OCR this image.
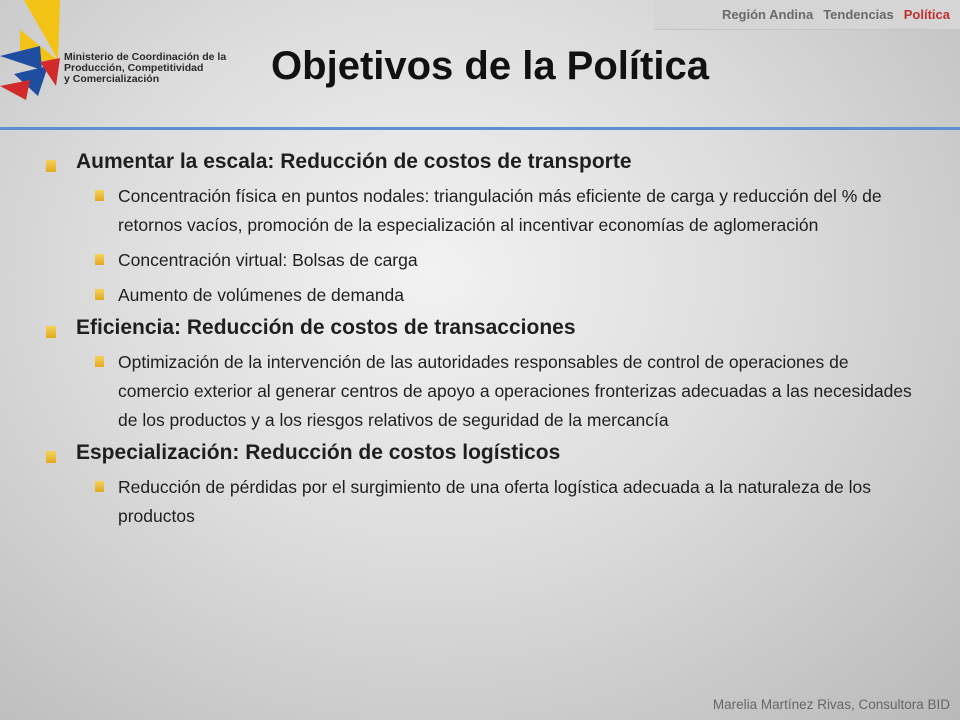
Región Andina Tendencias Política
Ministerio de Coordinación de la
Producción, Competitividad
y Comercialización	Objetivos de la Política
Aumentar la escala: Reducción de costos de transporte
Concentración física en puntos nodales: triangulación más eficiente de carga y reducción del % de retornos vacíos, promoción de la especialización al incentivar economías de aglomeración
Concentración virtual: Bolsas de carga
Aumento de volúmenes de demanda
Eficiencia: Reducción de costos de transacciones
Optimización de la intervención de las autoridades responsables de control de operaciones de comercio exterior al generar centros de apoyo a operaciones fronterizas adecuadas a las necesidades de los productos y a los riesgos relativos de seguridad de la mercancía
Especialización: Reducción de costos logísticos
Reducción de pérdidas por el surgimiento de una oferta logística adecuada a la naturaleza de los productos
Marelia Martínez Rivas, Consultora BID
